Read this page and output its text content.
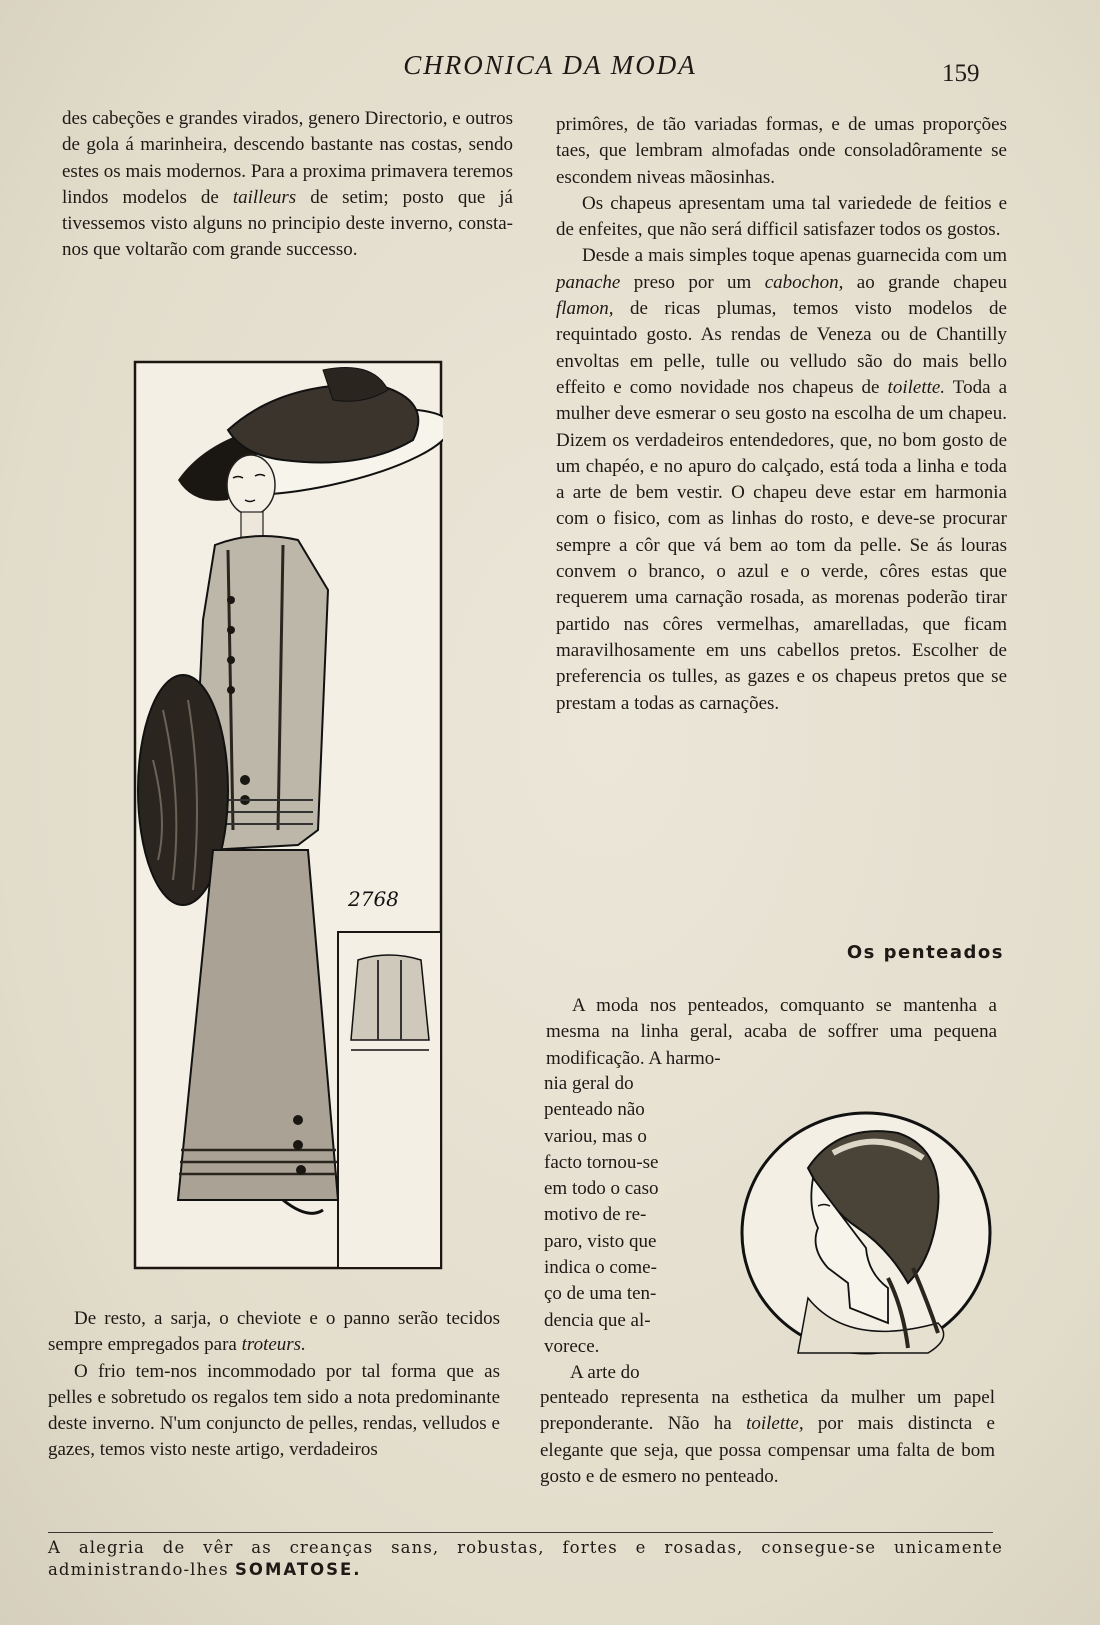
CHRONICA DA MODA	159

des cabeções e grandes virados, genero Directorio, e outros de gola á marinheira, descendo bastante nas costas, sendo estes os mais modernos. Para a proxima primavera teremos lindos modelos de tailleurs de setim; posto que já tivessemos visto alguns no principio deste inverno, consta-nos que voltarão com grande successo.

2768

De resto, a sarja, o cheviote e o panno serão tecidos sempre empregados para troteurs.

O frio tem-nos incommodado por tal forma que as pelles e sobretudo os regalos tem sido a nota predominante deste inverno. N'um conjuncto de pelles, rendas, velludos e gazes, temos visto neste artigo, verdadeiros

primôres, de tão variadas formas, e de umas proporções taes, que lembram almofadas onde consoladôramente se escondem niveas mãosinhas.

Os chapeus apresentam uma tal variedede de feitios e de enfeites, que não será difficil satisfazer todos os gostos.

Desde a mais simples toque apenas guarnecida com um panache preso por um cabochon, ao grande chapeu flamon, de ricas plumas, temos visto modelos de requintado gosto. As rendas de Veneza ou de Chantilly envoltas em pelle, tulle ou velludo são do mais bello effeito e como novidade nos chapeus de toilette. Toda a mulher deve esmerar o seu gosto na escolha de um chapeu. Dizem os verdadeiros entendedores, que, no bom gosto de um chapéo, e no apuro do calçado, está toda a linha e toda a arte de bem vestir. O chapeu deve estar em harmonia com o fisico, com as linhas do rosto, e deve-se procurar sempre a côr que vá bem ao tom da pelle. Se ás louras convem o branco, o azul e o verde, côres estas que requerem uma carnação rosada, as morenas poderão tirar partido nas côres vermelhas, amarelladas, que ficam maravilhosamente em uns cabellos pretos. Escolher de preferencia os tulles, as gazes e os chapeus pretos que se prestam a todas as carnações.

Os penteados

A moda nos penteados, comquanto se mantenha a mesma na linha geral, acaba de soffrer uma pequena modificação. A harmo-

nia geral do
penteado não
variou, mas o
facto tornou-se
em todo o caso
motivo de re-
paro, visto que
indica o come-
ço de uma ten-
dencia que al-
vorece.
A arte do

penteado representa na esthetica da mulher um papel preponderante. Não ha toilette, por mais distincta e elegante que seja, que possa compensar uma falta de bom gosto e de esmero no penteado.

A alegria de vêr as creanças sans, robustas, fortes e rosadas, consegue-se unicamente administrando-lhes SOMATOSE.
